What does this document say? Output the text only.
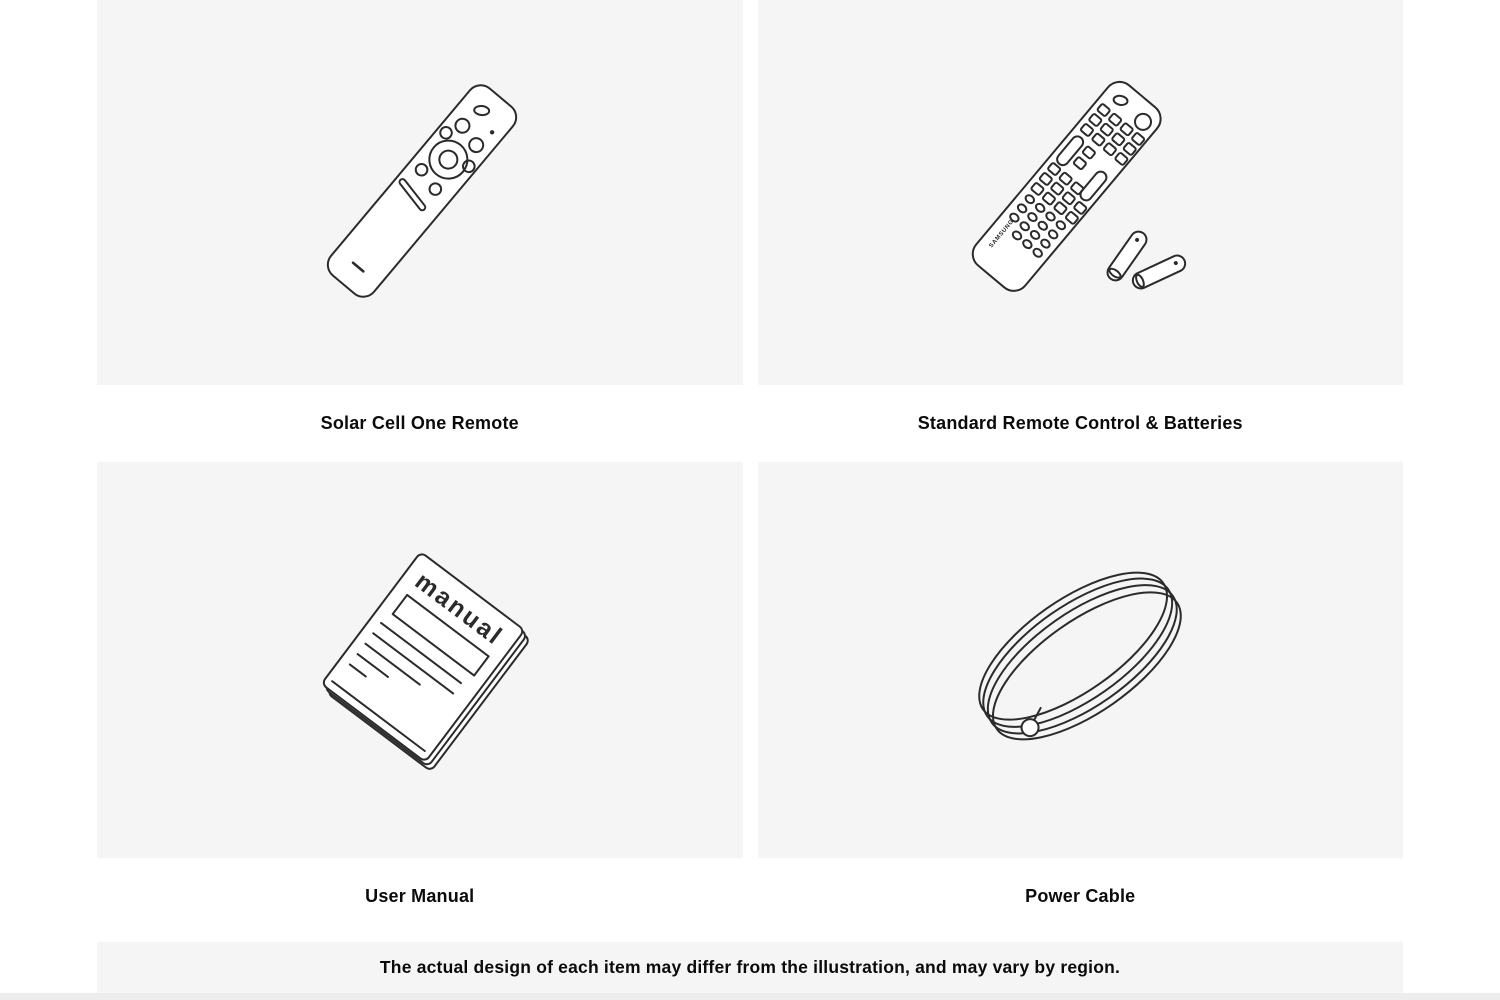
SAMSUNG
Solar Cell One Remote	Standard Remote Control & Batteries
manual
User Manual	Power Cable
The actual design of each item may differ from the illustration, and may vary by region.
